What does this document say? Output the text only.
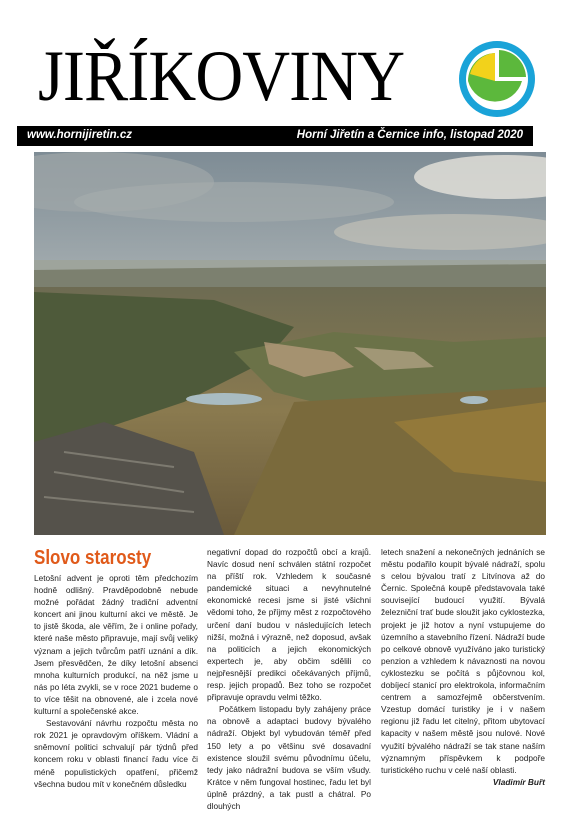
JIŘÍKOVINY
www.hornijiretin.cz	Horní Jiřetín a Černice info, listopad 2020
Slovo starosty

Letošní advent je oproti těm předchozím hodně odlišný. Pravděpodobně nebude možné pořádat žádný tradiční adventní koncert ani jinou kulturní akci ve městě. Je to jistě škoda, ale věřím, že i online pořady, které naše město připravuje, mají svůj veliký význam a jejich tvůrcům patří uznání a dík. Jsem přesvědčen, že díky letošní absenci mnoha kulturních produkcí, na něž jsme u nás po léta zvykli, se v roce 2021 budeme o to více těšit na obnovené, ale i zcela nové kulturní a společenské akce.

Sestavování návrhu rozpočtu města no rok 2021 je opravdovým oříškem. Vládní a sněmovní politici schvalují pár týdnů před koncem roku v oblasti financí řadu více či méně populistických opatření, přičemž všechna budou mít v konečném důsledku

negativní dopad do rozpočtů obcí a krajů. Navíc dosud není schválen státní rozpočet na příští rok. Vzhledem k současné pandemické situaci a nevyhnutelné ekonomické recesi jsme si jisté všichni vědomi toho, že příjmy měst z rozpočtového určení daní budou v následujících letech nižší, možná i výrazně, než doposud, avšak na politicích a jejich ekonomických expertech je, aby občim sdělili co nejpřesnější predikci očekávaných příjmů, resp. jejich propadů. Bez toho se rozpočet připravuje opravdu velmi těžko.

Počátkem listopadu byly zahájeny práce na obnově a adaptaci budovy bývalého nádraží. Objekt byl vybudován téměř před 150 lety a po většinu své dosavadní existence sloužil svému původnímu účelu, tedy jako nádražní budova se vším všudy. Krátce v něm fungoval hostinec, řadu let byl úplně prázdný, a tak pustl a chátral. Po dlouhých

letech snažení a nekonečných jednáních se městu podařilo koupit bývalé nádraží, spolu s celou bývalou tratí z Litvínova až do Černic. Společná koupě představovala také související budoucí využití. Bývalá železniční trať bude sloužit jako cyklostezka, projekt je již hotov a nyní vstupujeme do územního a stavebního řízení. Nádraží bude po celkové obnově využíváno jako turistický penzion a vzhledem k návaznosti na novou cyklostezku se počítá s půjčovnou kol, dobíjecí stanicí pro elektrokola, informačním centrem a samozřejmě občerstvením. Vzestup domácí turistiky je i v našem regionu již řadu let citelný, přitom ubytovací kapacity v našem městě jsou nulové. Nové využití bývalého nádraží se tak stane naším významným příspěvkem k podpoře turistického ruchu v celé naší oblasti.

Vladimír Buřt
